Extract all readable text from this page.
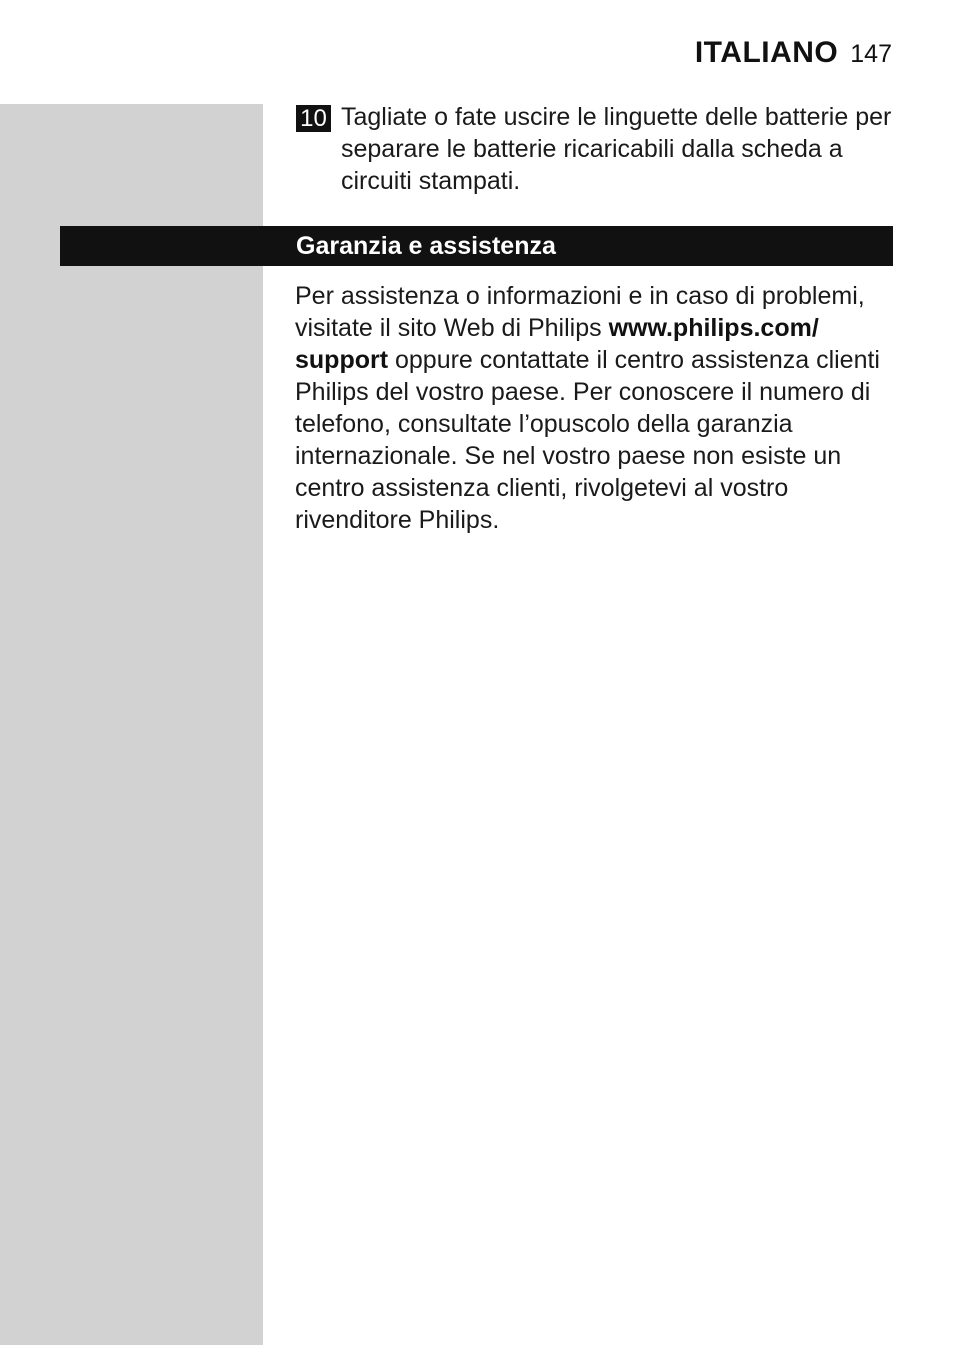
ITALIANO 147
10 Tagliate o fate uscire le linguette delle batterie per separare le batterie ricaricabili dalla scheda a circuiti stampati.
Garanzia e assistenza
Per assistenza o informazioni e in caso di problemi, visitate il sito Web di Philips www.philips.com/ support oppure contattate il centro assistenza clienti Philips del vostro paese. Per conoscere il numero di telefono, consultate l’opuscolo della garanzia internazionale. Se nel vostro paese non esiste un centro assistenza clienti, rivolgetevi al vostro rivenditore Philips.
